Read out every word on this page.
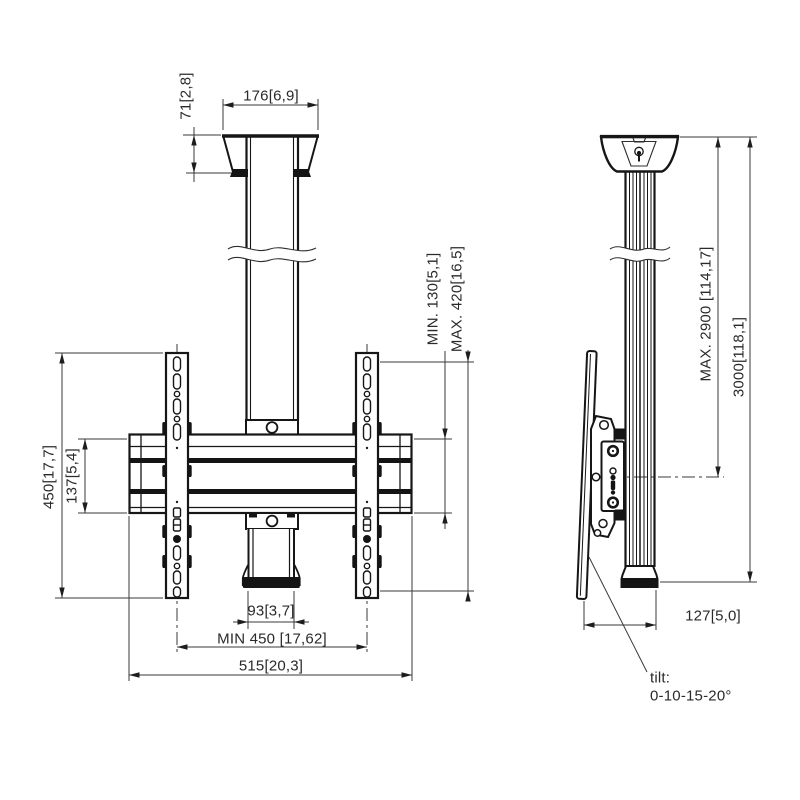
71[2,8]	176[6,9]
MIN. 130[5,1] MAX. 420[16,5]
450[17,7] 137[5,4]
93[3,7]
MIN 450 [17,62]
515[20,3]
MAX. 2900 [114,17] 3000[118,1]
127[5,0]
tilt:
0-10-15-20°
